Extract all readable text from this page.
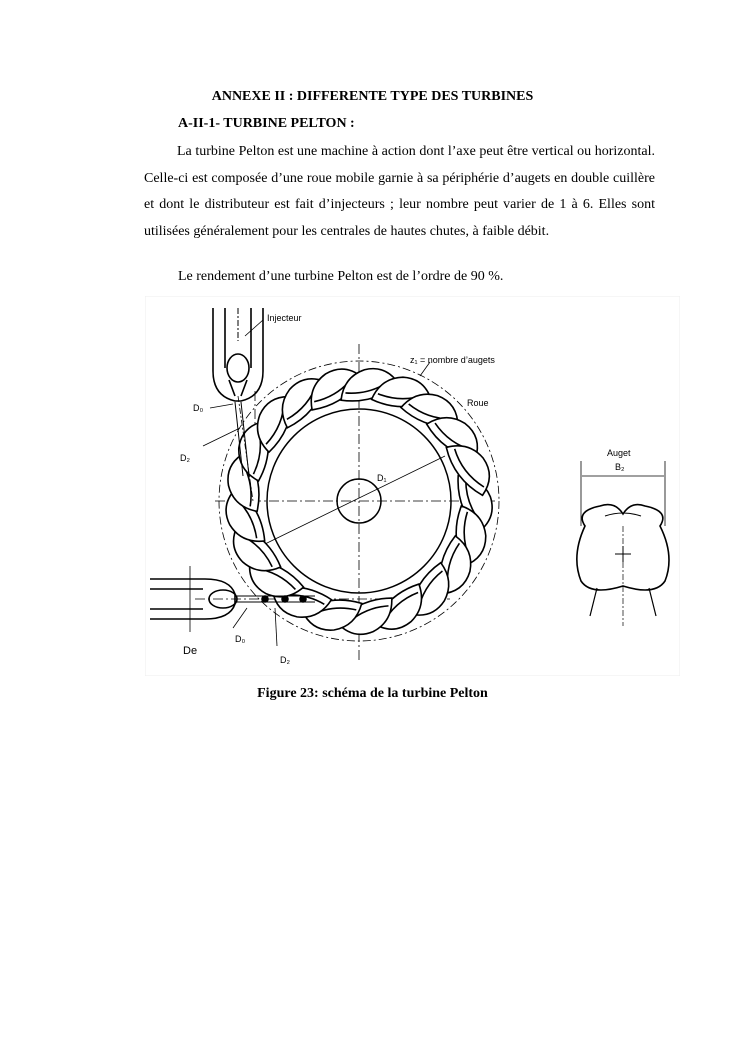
ANNEXE II : DIFFERENTE TYPE DES TURBINES
A-II-1- TURBINE PELTON :

La turbine Pelton est une machine à action dont l’axe peut être vertical ou horizontal. Celle-ci est composée d’une roue mobile garnie à sa périphérie d’augets en double cuillère et dont le distributeur est fait d’injecteurs ; leur nombre peut varier de 1 à 6. Elles sont utilisées généralement pour les centrales de hautes chutes, à faible débit.

Le rendement d’une turbine Pelton est de l’ordre de 90 %.
Injecteur
z₁ = nombre d’augets
Roue
D₀
D₂
D₁
Auget
B₂
De
D₀
D₂
Figure 23: schéma de la turbine Pelton
